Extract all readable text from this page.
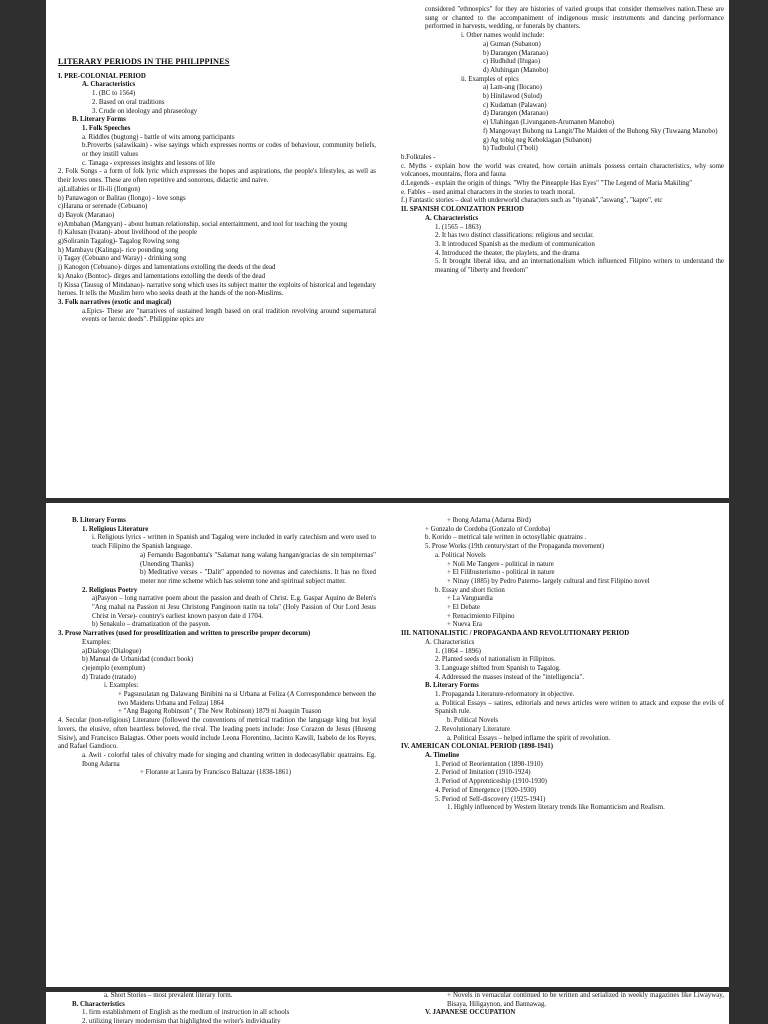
LITERARY PERIODS IN THE PHILIPPINES
I. PRE-COLONIAL PERIOD
A. Characteristics
1. (BC to 1564)
2. Based on oral traditions
3. Crude on ideology and phraseology
B. Literary Forms
1. Folk Speeches
a. Riddles (bugtong) - battle of wits among participants
b.Proverbs (salawikain) - wise sayings which expresses norms or codes of behaviour, community beliefs, or they instill values
c. Tanaga - expresses insights and lessons of life
2. Folk Songs - a form of folk lyric which expresses the hopes and aspirations, the people's lifestyles, as well as their loves ones. These are often repetitive and sonorous, didactic and naive.
a)Lullabies or Ili-ili (Ilongon)
b) Panawagon or Balitao (Ilongo) - love songs
c)Harana or serenade (Cebuano)
d) Bayok (Maranao)
e)Ambahan (Mangyan) - about human relationship, social entertainment, and tool for teaching the young
f) Kalusan (Ivatan)- about livelihood of the people
g)Soliranin Tagalog)- Tagalog Rowing song
h) Mambayu (Kalinga)- rice pounding song
i) Tagay (Cebuano and Waray) - drinking song
j) Kanogon (Cebuano)- dirges and lamentations extolling the deeds of the dead
k) Anako (Bontoc)- dirges and lamentations extolling the deeds of the dead
l) Kissa (Tausug of Mindanao)- narrative song which uses its subject matter the exploits of historical and legendary heroes. It tells the Muslim hero who seeks death at the hands of the non-Muslims.
3. Folk narratives (exotic and magical)
a.Epics- These are "narratives of sustained length based on oral tradition revolving around supernatural events or heroic deeds". Philippine epics are
considered "ethnoepics" for they are histories of varied groups that consider themselves nation.These are sung or chanted to the accompaniment of indigenous music instruments and dancing performance performed in harvests, wedding, or funerals by chanters.
i. Other names would include:
a) Guman (Subanon)
b) Darangen (Maranao)
c) Hudhdud (Ifugao)
d) Aluhingan (Manobo)
ii. Examples of epics
a) Lam-ang (Ilocano)
b) Hinilawod (Sulod)
c) Kudaman (Palawan)
d) Darangen (Maranao)
e) Ulahingan (Livunganen-Arumanen Manobo)
f) Mangovayt Buhong na Langit/The Maiden of the Buhong Sky (Tuwaang Manobo)
g) Ag tobig neg Keboklagan (Subanon)
h) Tudbulul (T'boli)
b.Folktales -
c. Myths - explain how the world was created, how certain animals possess certain characteristics, why some volcanoes, mountains, flora and fauna
d.Legends - explain the origin of things. "Why the Pineapple Has Eyes" "The Legend of Maria Makiling"
e. Fables – used animal characters in the stories to teach moral.
f.) Fantastic stories – deal with underworld characters such as "tiyanak","aswang", "kapre", etc
II. SPANISH COLONIZATION PERIOD
A. Characteristics
1. (1565 – 1863)
2. It has two distinct classifications: religious and secular.
3. It introduced Spanish as the medium of communication
4. Introduced the theater, the playlets, and the drama
5. It brought liberal idea, and an internationalism which influenced Filipino writers to understand the meaning of "liberty and freedom"
B. Literary Forms
1. Religious Literature
i. Religious lyrics - written in Spanish and Tagalog were included in early catechism and were used to teach Filipino the Spanish language.
a) Fernando Bagonbanta's "Salamat nang walang hangan/gracias de sin tempiternas" (Unending Thanks)
b) Meditative verses - "Dalit" appended to novenas and catechisms. It has no fixed meter nor rime scheme which has solemn tone and spiritual subject matter.
2. Religious Poetry
a)Pasyon – long narrative poem about the passion and death of Christ. E.g. Gaspar Aquino de Belen's "Ang mahal na Passion ni Jesu Christong Panginoon natin na tola" (Holy Passion of Our Lord Jesus Christ in Verse)- country's earliest known pasyon date d 1704.
b) Senakulo – dramatization of the pasyon.
3. Prose Narratives (used for proselitization and written to prescribe proper decorum)
Examples:
a)Dialogo (Dialogue)
b) Manual de Urbanidad (conduct book)
c)ejemplo (exemplum)
d) Tratado (tratado)
i. Examples:
+ Pagsusulatan ng Dalawang Binibini na si Urbana at Feliza (A Correspondence between the two Maidens Urbana and Feliza) 1864
+ "Ang Bagong Robinson" ( The New Robinson) 1879 ni Joaquin Tuason
4. Secular (non-religious) Literature (followed the conventions of metrical tradition the language king but loyal lovers, the elusive, often heartless beloved, the rival. The leading poets include: Jose Corazon de Jesus (Huseng Sisiw), and Francisco Balagtas. Other poets would include Leona Florentino, Jacinto Kawili, Isabelo de los Reyes, and Rafael Gandioco.
a. Awit - colorful tales of chivalry made for singing and chanting written in dodecasyllabic quatrains. Eg. Ibong Adarna
+ Florante at Laura by Francisco Baltazar (1838-1861)
+ Ibong Adarna (Adarna Bird)
+ Gonzalo de Cordoba (Gonzalo of Cordoba)
b. Korido – metrical tale written in octosyllabic quatrains .
5. Prose Works (19th century/start of the Propaganda movement)
a. Political Novels
+ Noli Me Tangere - political in nature
+ El Filibusterismo - political in nature
+ Ninay (1885) by Pedro Paterno- largely cultural and first Filipino novel
b. Essay and short fiction
+ La Vanguardia
+ El Debate
+ Renacimiento Filipino
+ Nueva Era
III. NATIONALISTIC / PROPAGANDA AND REVOLUTIONARY PERIOD
A. Characteristics
1. (1864 – 1896)
2. Planted seeds of nationalism in Filipinos.
3. Language shifted from Spanish to Tagalog.
4. Addressed the masses instead of the "intelligencia".
B. Literary Forms
1. Propaganda Literature-reformatory in objective.
a. Political Essays – satires, editorials and news articles were written to attack and expose the evils of Spanish rule.
b. Political Novels
2. Revolutionary Literature
a. Political Essays – helped inflame the spirit of revolution.
IV. AMERICAN COLONIAL PERIOD (1898-1941)
A. Timeline
1. Period of Reorientation (1898-1910)
2. Period of Imitation (1910-1924)
3. Period of Apprenticeship (1910-1930)
4. Period of Emergence (1920-1930)
5. Period of Self-discovery (1925-1941)
1. Highly influenced by Western literary trends like Romanticism and Realism.
a. Short Stories – most prevalent literary form.
B. Characteristics
1. firm establishment of English as the medium of instruction in all schools
2. utilizing literary modernism that highlighted the writer's individuality
+ Novels in vernacular continued to be written and serialized in weekly magazines like Liwayway, Bisaya, Hiligaynon, and Bannawag.
V. JAPANESE OCCUPATION
